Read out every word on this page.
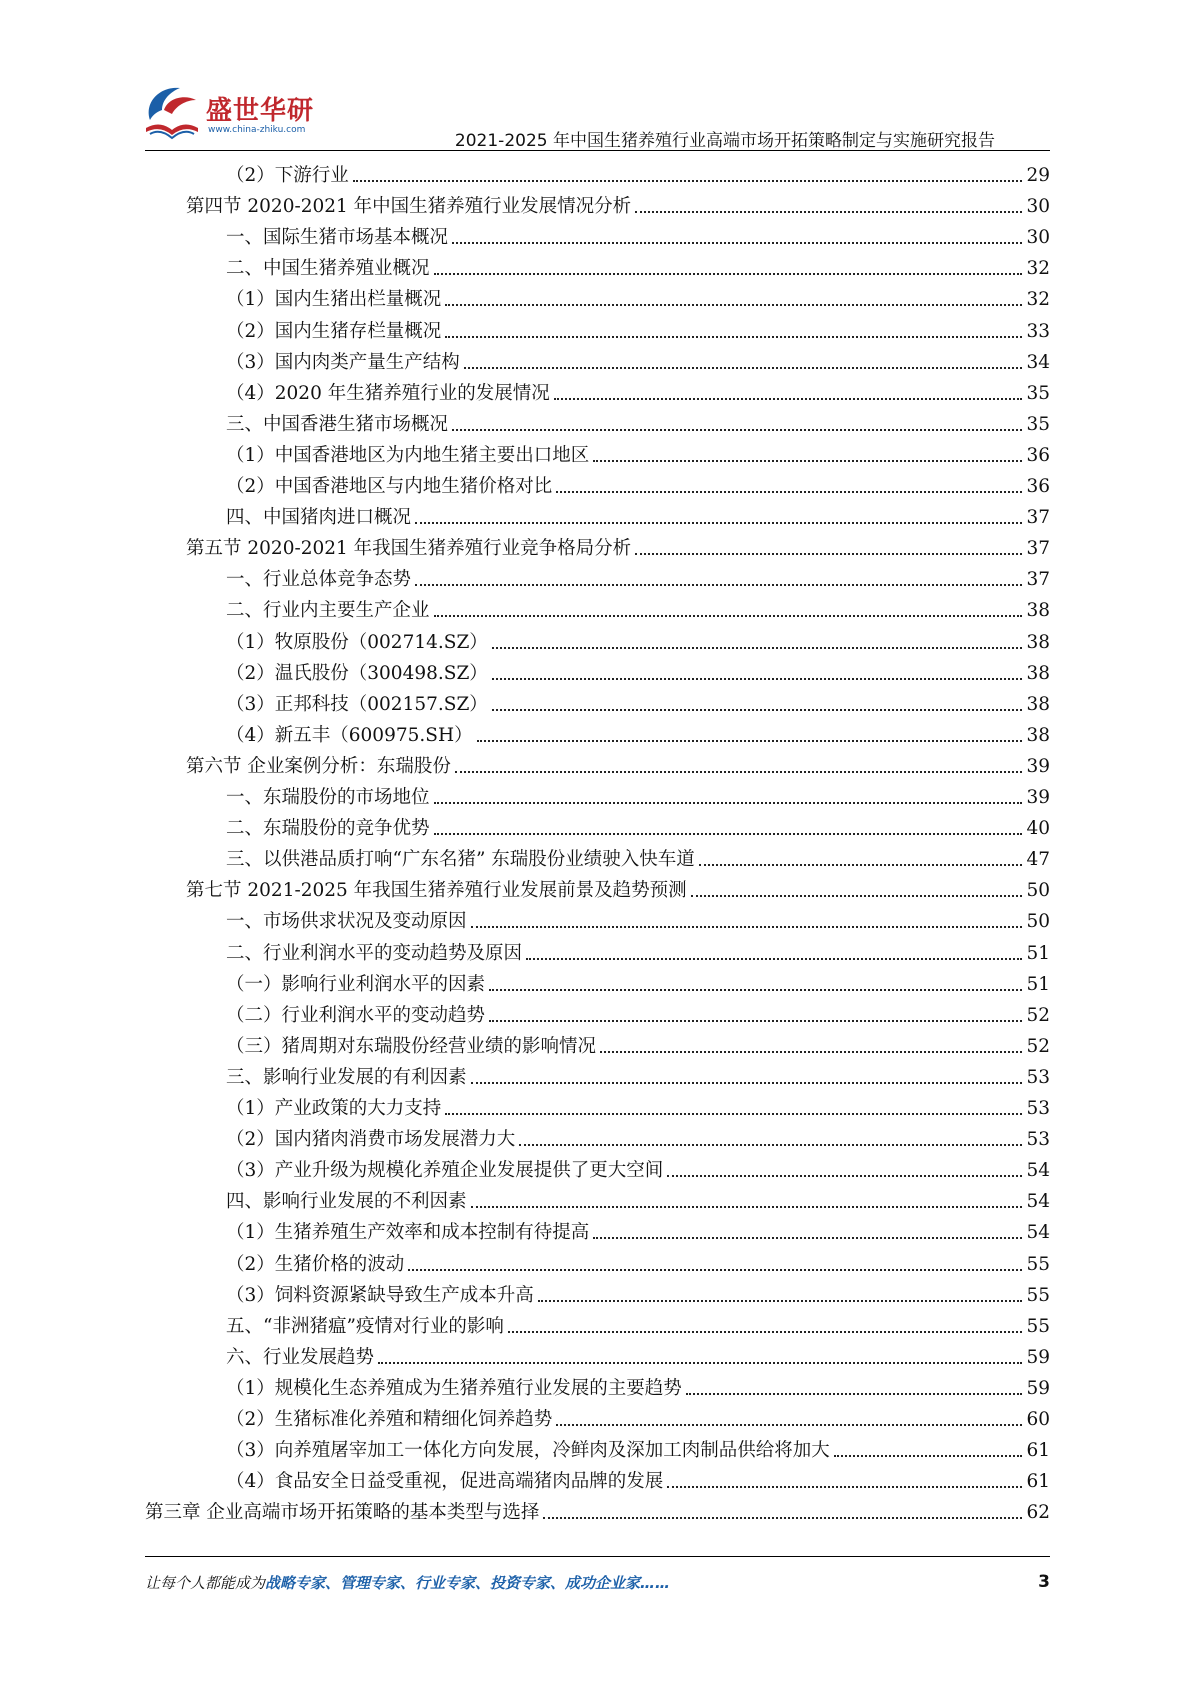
盛世华研
www.china-zhiku.com
2021-2025 年中国生猪养殖行业高端市场开拓策略制定与实施研究报告
（2）下游行业	29
第四节 2020-2021 年中国生猪养殖行业发展情况分析	30
一、国际生猪市场基本概况	30
二、中国生猪养殖业概况	32
（1）国内生猪出栏量概况	32
（2）国内生猪存栏量概况	33
（3）国内肉类产量生产结构	34
（4）2020 年生猪养殖行业的发展情况	35
三、中国香港生猪市场概况	35
（1）中国香港地区为内地生猪主要出口地区	36
（2）中国香港地区与内地生猪价格对比	36
四、中国猪肉进口概况	37
第五节 2020-2021 年我国生猪养殖行业竞争格局分析	37
一、行业总体竞争态势	37
二、行业内主要生产企业	38
（1）牧原股份（002714.SZ）	38
（2）温氏股份（300498.SZ）	38
（3）正邦科技（002157.SZ）	38
（4）新五丰（600975.SH）	38
第六节 企业案例分析：东瑞股份	39
一、东瑞股份的市场地位	39
二、东瑞股份的竞争优势	40
三、以供港品质打响“广东名猪” 东瑞股份业绩驶入快车道	47
第七节 2021-2025 年我国生猪养殖行业发展前景及趋势预测	50
一、市场供求状况及变动原因	50
二、行业利润水平的变动趋势及原因	51
（一）影响行业利润水平的因素	51
（二）行业利润水平的变动趋势	52
（三）猪周期对东瑞股份经营业绩的影响情况	52
三、影响行业发展的有利因素	53
（1）产业政策的大力支持	53
（2）国内猪肉消费市场发展潜力大	53
（3）产业升级为规模化养殖企业发展提供了更大空间	54
四、影响行业发展的不利因素	54
（1）生猪养殖生产效率和成本控制有待提高	54
（2）生猪价格的波动	55
（3）饲料资源紧缺导致生产成本升高	55
五、“非洲猪瘟”疫情对行业的影响	55
六、行业发展趋势	59
（1）规模化生态养殖成为生猪养殖行业发展的主要趋势	59
（2）生猪标准化养殖和精细化饲养趋势	60
（3）向养殖屠宰加工一体化方向发展，冷鲜肉及深加工肉制品供给将加大	61
（4）食品安全日益受重视，促进高端猪肉品牌的发展	61
第三章 企业高端市场开拓策略的基本类型与选择	62
让每个人都能成为战略专家、管理专家、行业专家、投资专家、成功企业家……	3
